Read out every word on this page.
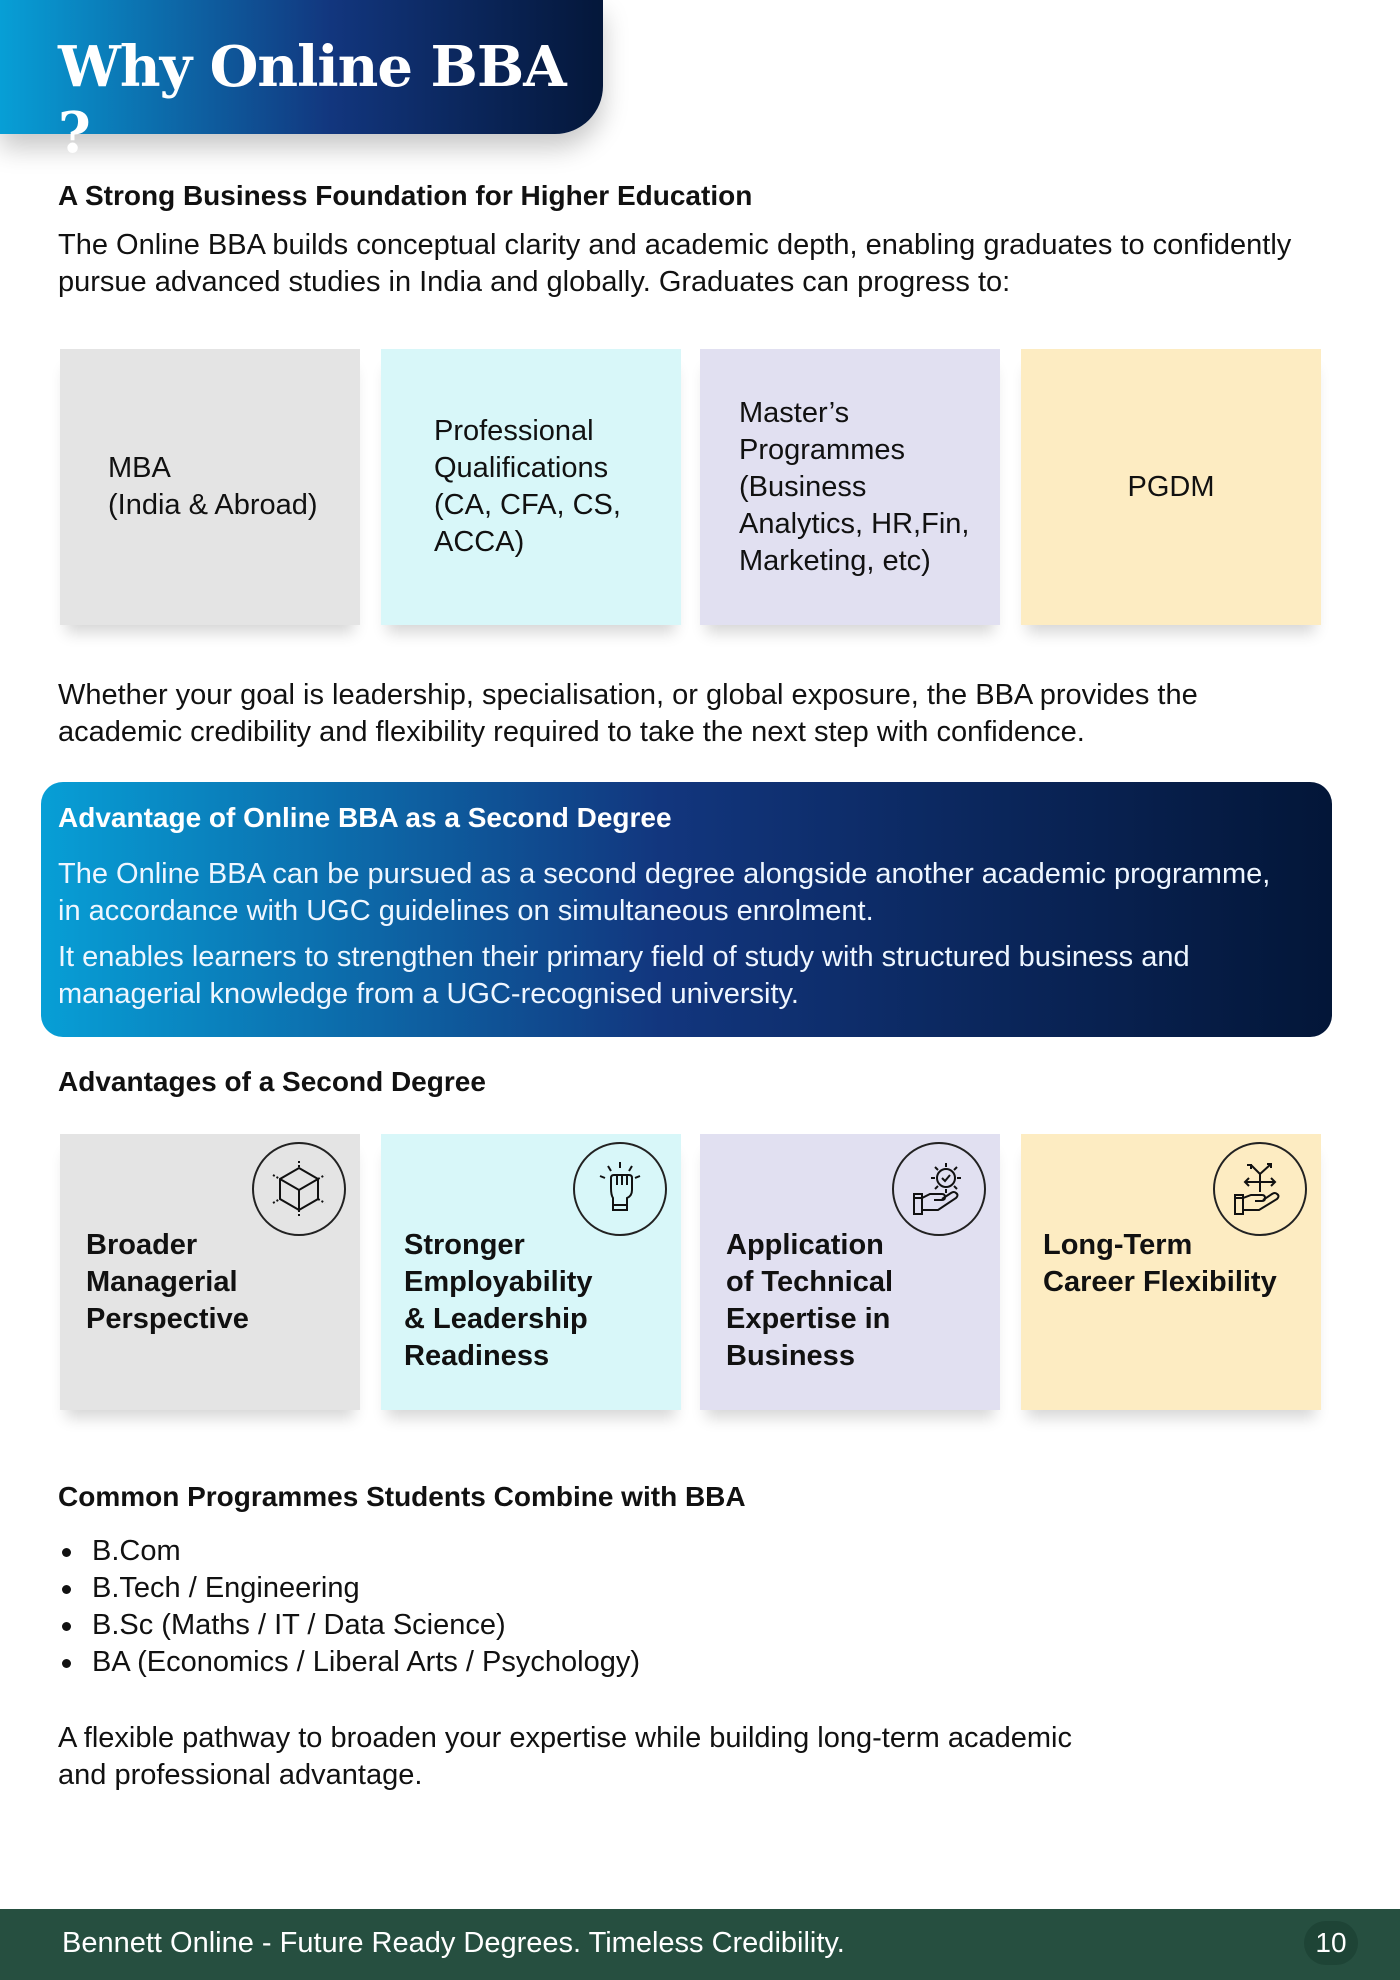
Why Online BBA ?
A Strong Business Foundation for Higher Education
The Online BBA builds conceptual clarity and academic depth, enabling graduates to confidently
pursue advanced studies in India and globally. Graduates can progress to:
MBA
(India & Abroad)
Professional
Qualifications
(CA, CFA, CS,
ACCA)
Master’s
Programmes
(Business
Analytics, HR,Fin,
Marketing, etc)
PGDM
Whether your goal is leadership, specialisation, or global exposure, the BBA provides the
academic credibility and flexibility required to take the next step with confidence.
Advantage of Online BBA as a Second Degree
The Online BBA can be pursued as a second degree alongside another academic programme,
in accordance with UGC guidelines on simultaneous enrolment.
It enables learners to strengthen their primary field of study with structured business and
managerial knowledge from a UGC-recognised university.
Advantages of a Second Degree
Broader
Managerial
Perspective
Stronger
Employability
& Leadership
Readiness
Application
of Technical
Expertise in
Business
Long-Term
Career Flexibility
Common Programmes Students Combine with BBA
B.Com
B.Tech / Engineering
B.Sc (Maths / IT / Data Science)
BA (Economics / Liberal Arts / Psychology)
A flexible pathway to broaden your expertise while building long-term academic
and professional advantage.
Bennett Online - Future Ready Degrees. Timeless Credibility.	10
